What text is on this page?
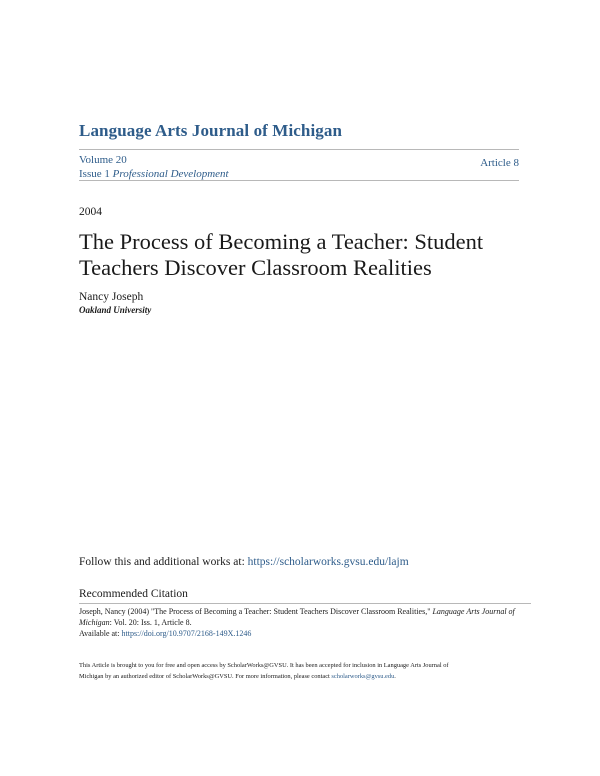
Language Arts Journal of Michigan
Volume 20
Issue 1 Professional Development
Article 8
2004
The Process of Becoming a Teacher: Student Teachers Discover Classroom Realities
Nancy Joseph
Oakland University
Follow this and additional works at: https://scholarworks.gvsu.edu/lajm
Recommended Citation
Joseph, Nancy (2004) "The Process of Becoming a Teacher: Student Teachers Discover Classroom Realities," Language Arts Journal of
Michigan: Vol. 20: Iss. 1, Article 8.
Available at: https://doi.org/10.9707/2168-149X.1246
This Article is brought to you for free and open access by ScholarWorks@GVSU. It has been accepted for inclusion in Language Arts Journal of
Michigan by an authorized editor of ScholarWorks@GVSU. For more information, please contact scholarworks@gvsu.edu.
